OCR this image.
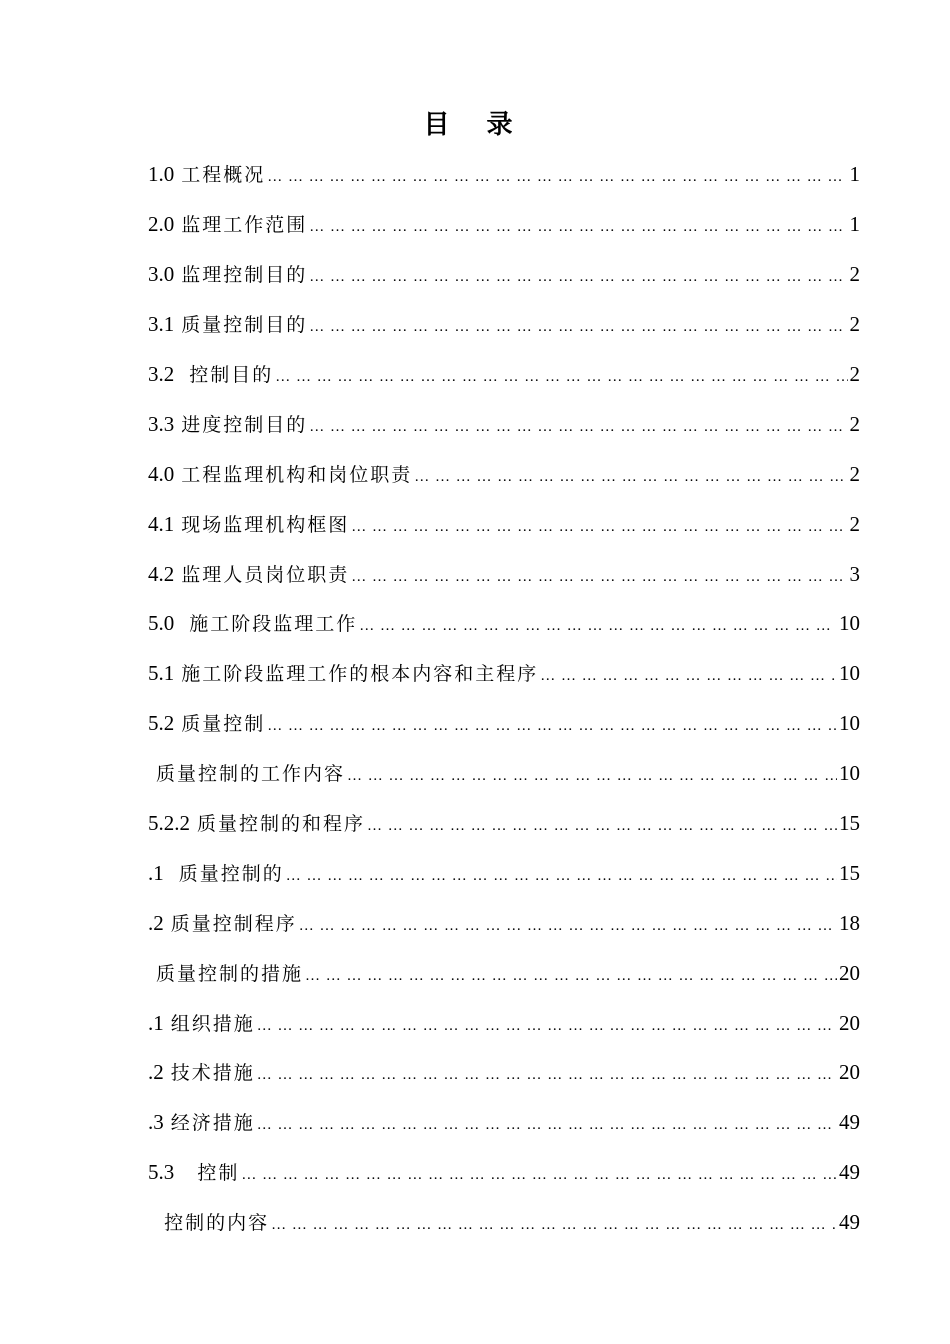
目 录
1.0 工程概况 … … … … … … … … … … … … … … … … … … … … … … … … … … … … … … … … … … … … … … … … … … … … … … … … … … … … … … …	1
2.0 监理工作范围 … … … … … … … … … … … … … … … … … … … … … … … … … … … … … … … … … … … … … … … … … … … … … … … … … … … … … … …	1
3.0 监理控制目的 … … … … … … … … … … … … … … … … … … … … … … … … … … … … … … … … … … … … … … … … … … … … … … … … … … … … … … …	2
3.1 质量控制目的 … … … … … … … … … … … … … … … … … … … … … … … … … … … … … … … … … … … … … … … … … … … … … … … … … … … … … … …	2
3.2 控制目的 … … … … … … … … … … … … … … … … … … … … … … … … … … … … … … … … … … … … … … … … … … … … … … … … … … … … … … …	2
3.3 进度控制目的 … … … … … … … … … … … … … … … … … … … … … … … … … … … … … … … … … … … … … … … … … … … … … … … … … … … … … … …	2
4.0 工程监理机构和岗位职责 … … … … … … … … … … … … … … … … … … … … … … … … … … … … … … … … … … … … … … … … … … … … … … … … … … … … … … …	2
4.1 现场监理机构框图 … … … … … … … … … … … … … … … … … … … … … … … … … … … … … … … … … … … … … … … … … … … … … … … … … … … … … … …	2
4.2 监理人员岗位职责 … … … … … … … … … … … … … … … … … … … … … … … … … … … … … … … … … … … … … … … … … … … … … … … … … … … … … … …	3
5.0 施工阶段监理工作 … … … … … … … … … … … … … … … … … … … … … … … … … … … … … … … … … … … … … … … … … … … … … … … … … … … … … … …	10
5.1 施工阶段监理工作的根本内容和主程序 … … … … … … … … … … … … … … … … … … … … … … … … … … … … … … … … … … … … … … … … … … … … … … … … … … … … … … …	10
5.2 质量控制 … … … … … … … … … … … … … … … … … … … … … … … … … … … … … … … … … … … … … … … … … … … … … … … … … … … … … … …	10
质量控制的工作内容 … … … … … … … … … … … … … … … … … … … … … … … … … … … … … … … … … … … … … … … … … … … … … … … … … … … … … … …	10
5.2.2 质量控制的和程序 … … … … … … … … … … … … … … … … … … … … … … … … … … … … … … … … … … … … … … … … … … … … … … … … … … … … … … …	15
.1 质量控制的 … … … … … … … … … … … … … … … … … … … … … … … … … … … … … … … … … … … … … … … … … … … … … … … … … … … … … … …	15
.2 质量控制程序 … … … … … … … … … … … … … … … … … … … … … … … … … … … … … … … … … … … … … … … … … … … … … … … … … … … … … … …	18
质量控制的措施 … … … … … … … … … … … … … … … … … … … … … … … … … … … … … … … … … … … … … … … … … … … … … … … … … … … … … … …	20
.1 组织措施 … … … … … … … … … … … … … … … … … … … … … … … … … … … … … … … … … … … … … … … … … … … … … … … … … … … … … … …	20
.2 技术措施 … … … … … … … … … … … … … … … … … … … … … … … … … … … … … … … … … … … … … … … … … … … … … … … … … … … … … … …	20
.3 经济措施 … … … … … … … … … … … … … … … … … … … … … … … … … … … … … … … … … … … … … … … … … … … … … … … … … … … … … … …	49
5.3  控制 … … … … … … … … … … … … … … … … … … … … … … … … … … … … … … … … … … … … … … … … … … … … … … … … … … … … … … …	49
控制的内容 … … … … … … … … … … … … … … … … … … … … … … … … … … … … … … … … … … … … … … … … … … … … … … … … … … … … … … …	49
